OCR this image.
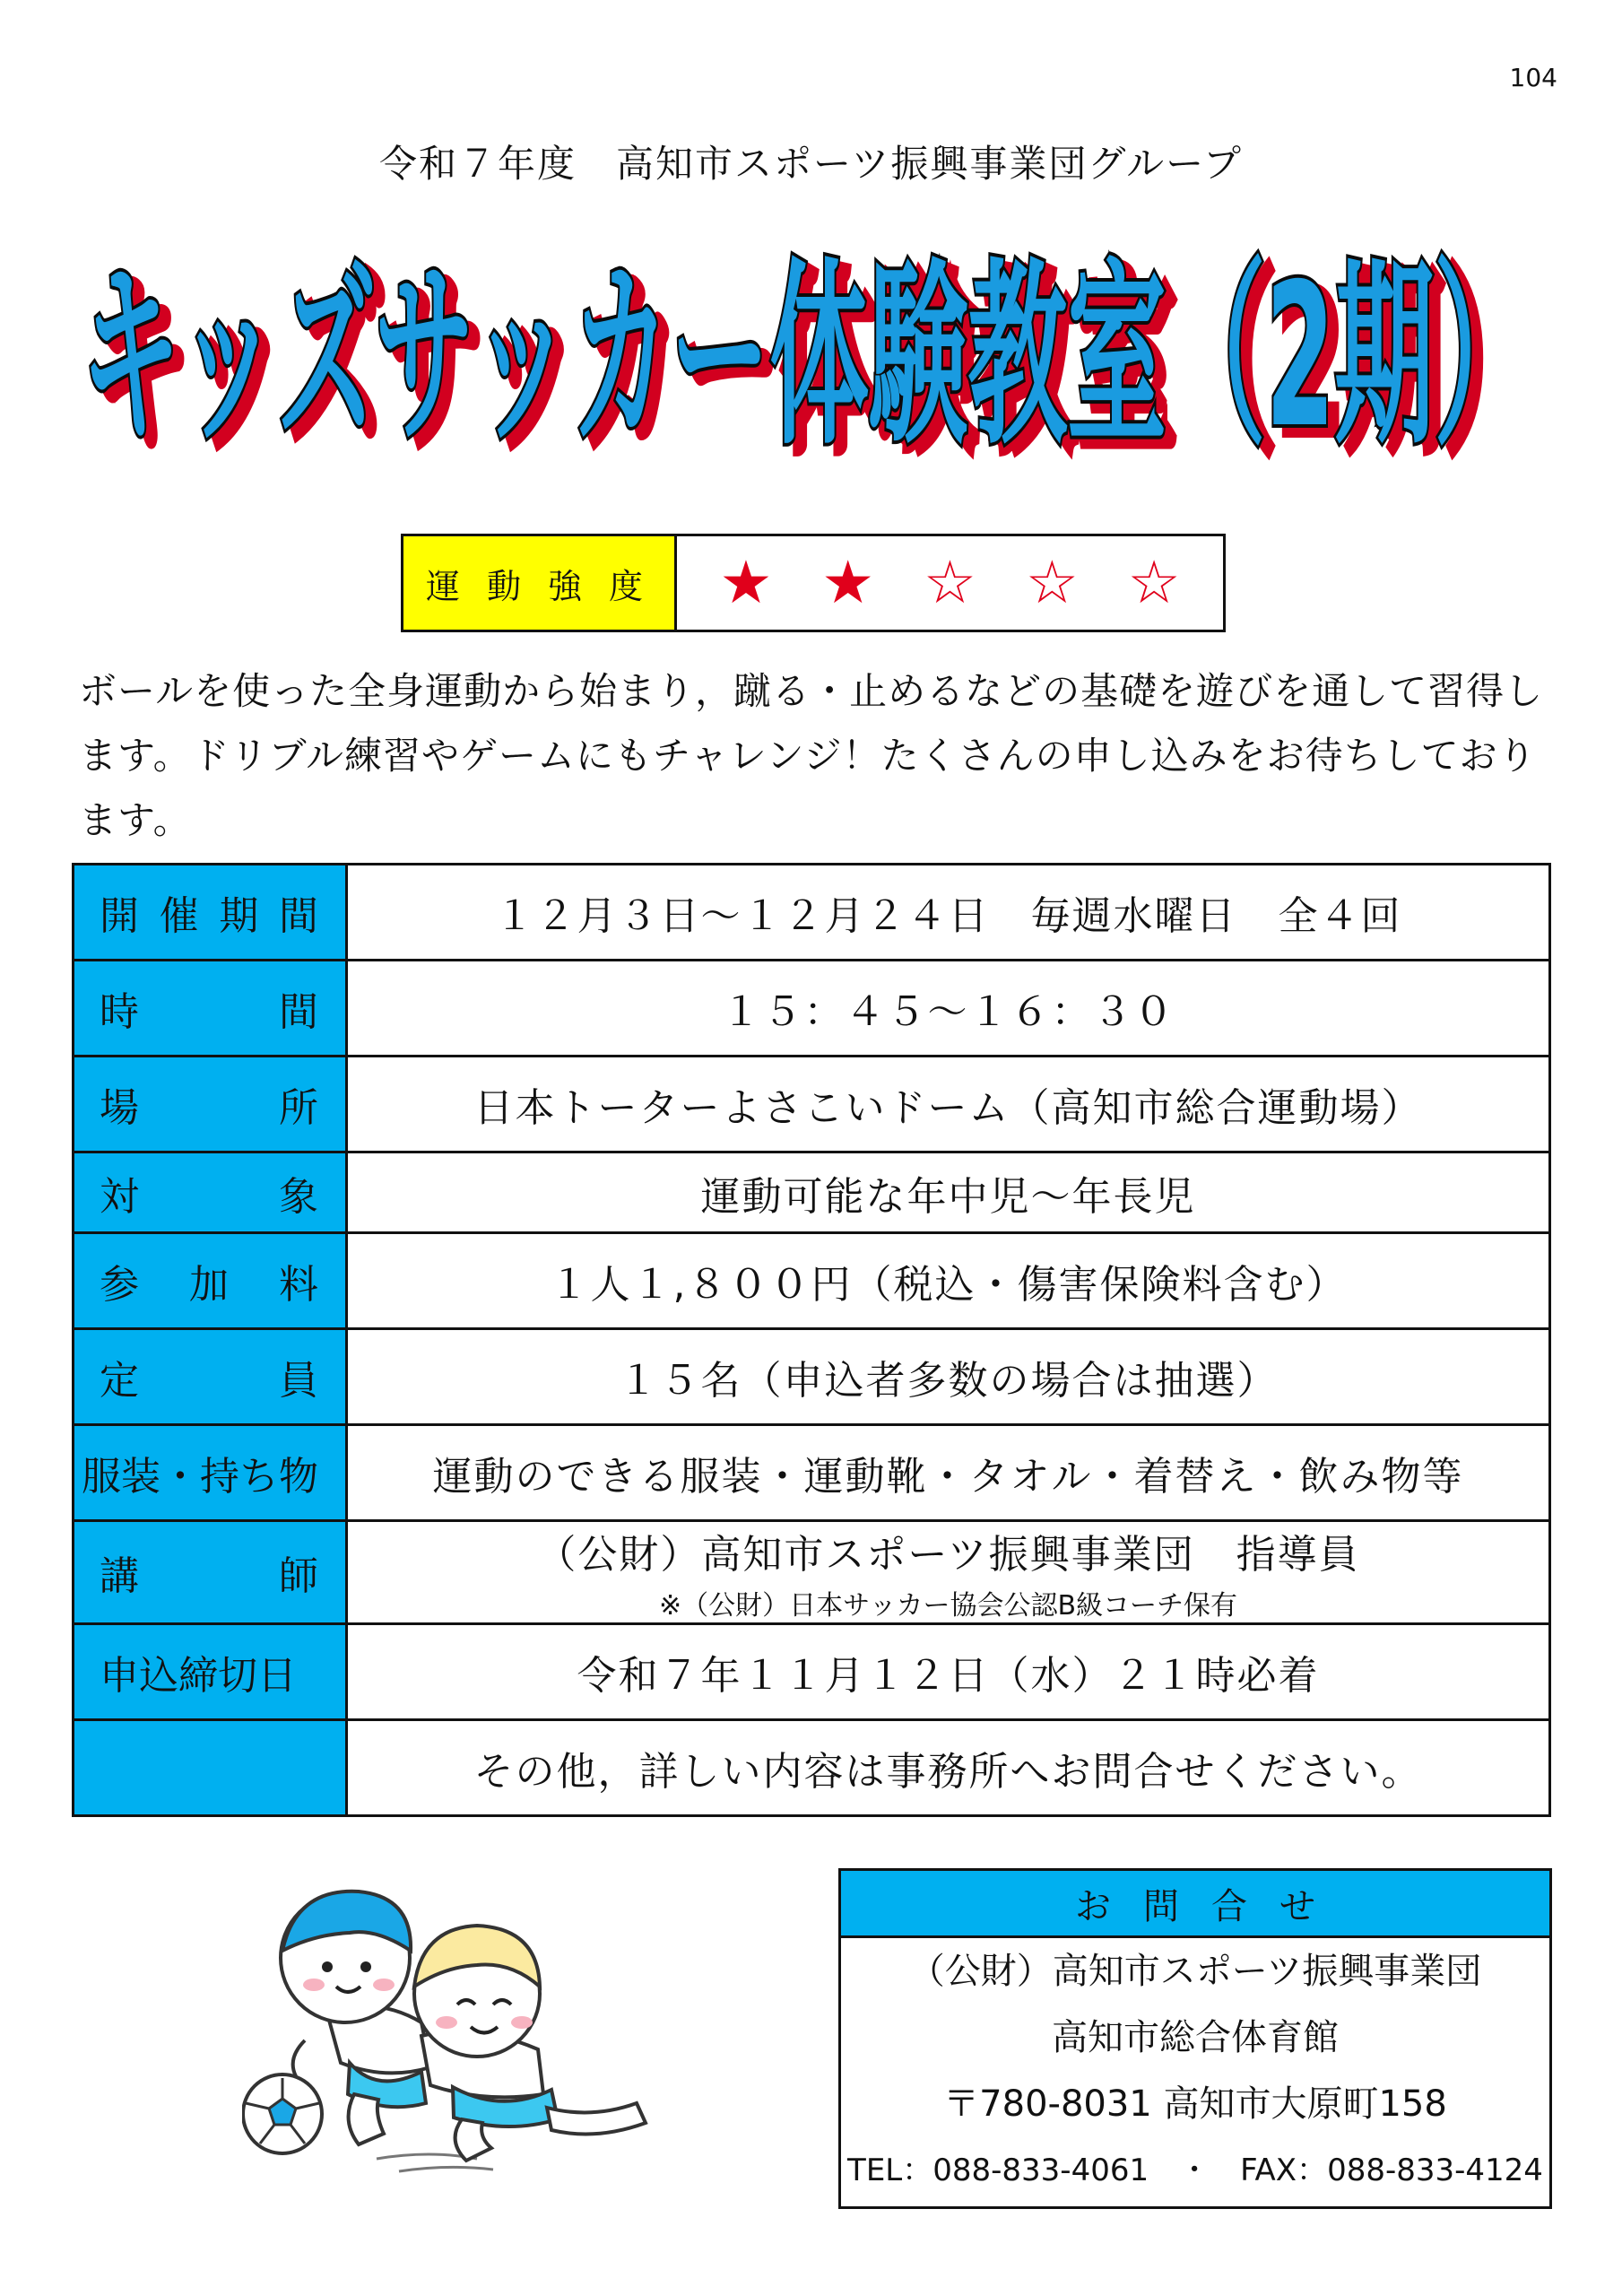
104
令和７年度　高知市スポーツ振興事業団グループ
キッズサッカー体験教室（2期）
キッズサッカー体験教室（2期）
運動強度 ★ ★ ☆ ☆ ☆
ボールを使った全身運動から始まり，蹴る・止めるなどの基礎を遊びを通して習得し
ます。ドリブル練習やゲームにもチャレンジ！たくさんの申し込みをお待ちしており
ます。
開 催 期 間	１２月３日～１２月２４日　毎週水曜日　全４回

時 間	１５：４５～１６：３０

場 所	日本トーターよさこいドーム（高知市総合運動場）

対 象	運動可能な年中児～年長児

参 加 料	１人１,８００円（税込・傷害保険料含む）

定 員	１５名（申込者多数の場合は抽選）

服装・持ち物	運動のできる服装・運動靴・タオル・着替え・飲み物等

講 師	（公財）高知市スポーツ振興事業団　指導員
※（公財）日本サッカー協会公認B級コーチ保有

申込締切日	令和７年１１月１２日（水）２１時必着

	その他，詳しい内容は事務所へお問合せください。
お問合せ
（公財）高知市スポーツ振興事業団
高知市総合体育館
〒780-8031 高知市大原町158
TEL：088-833-4061　・　FAX：088-833-4124
